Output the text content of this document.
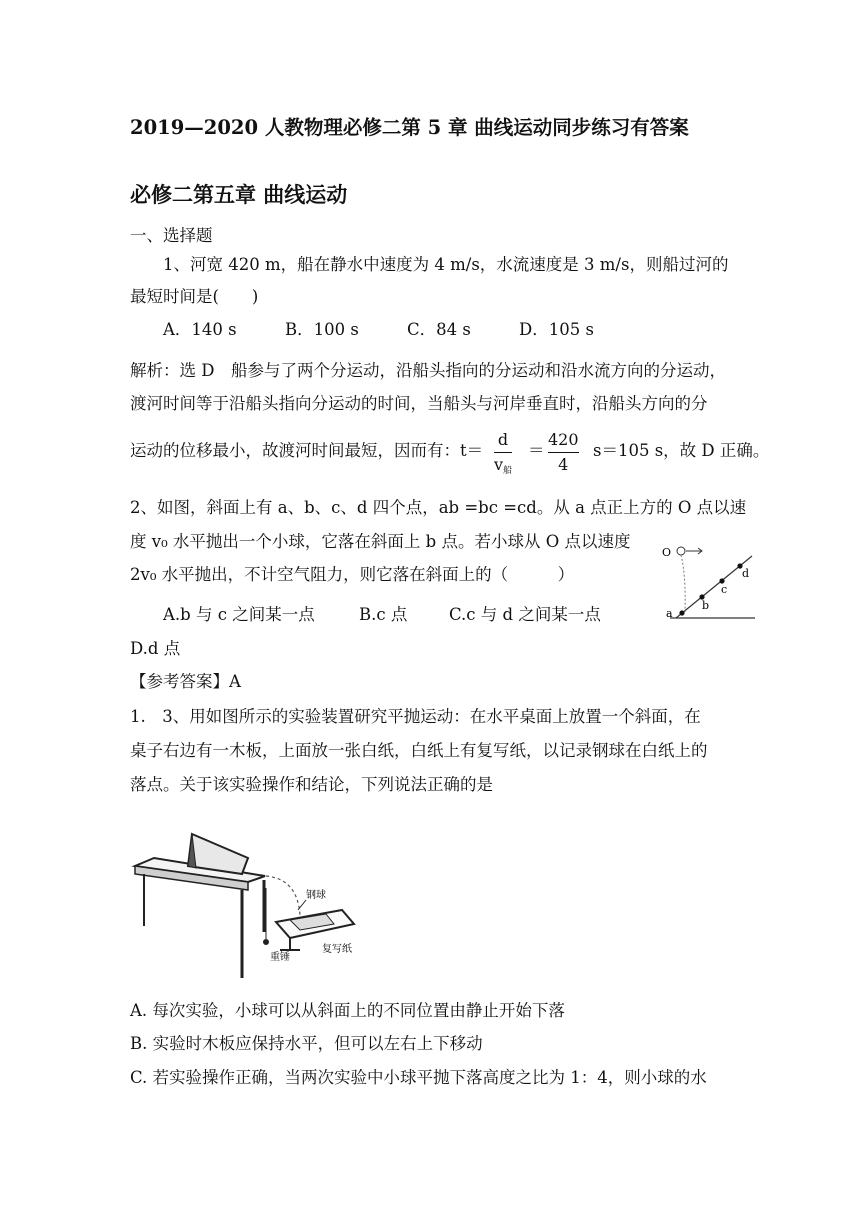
2019—2020 人教物理必修二第 5 章 曲线运动同步练习有答案
必修二第五章 曲线运动
一、选择题
1、河宽 420 m，船在静水中速度为 4 m/s，水流速度是 3 m/s，则船过河的
最短时间是(　　)
A．140 s	B．100 s	C．84 s	D．105 s
解析：选 D　船参与了两个分运动，沿船头指向的分运动和沿水流方向的分运动，
渡河时间等于沿船头指向分运动的时间，当船头与河岸垂直时，沿船头方向的分
运动的位移最小，故渡河时间最短，因而有：t＝
d
$v_船$
＝
420
4
s＝105 s，故 D 正确。
2、如图，斜面上有 a、b、c、d 四个点，ab =bc =cd。从 a 点正上方的 O 点以速
度 v₀ 水平抛出一个小球，它落在斜面上 b 点。若小球从 O 点以速度
2v₀ 水平抛出，不计空气阻力，则它落在斜面上的（　　　）
A.b 与 c 之间某一点	B.c 点	C.c 与 d 之间某一点
D.d 点
【参考答案】A
O
a
b
c
d
1.　3、用如图所示的实验装置研究平抛运动：在水平桌面上放置一个斜面，在
桌子右边有一木板，上面放一张白纸，白纸上有复写纸，以记录钢球在白纸上的
落点。关于该实验操作和结论，下列说法正确的是
钢球
复写纸
重锤
A. 每次实验，小球可以从斜面上的不同位置由静止开始下落
B. 实验时木板应保持水平，但可以左右上下移动
C. 若实验操作正确，当两次实验中小球平抛下落高度之比为 1：4，则小球的水
